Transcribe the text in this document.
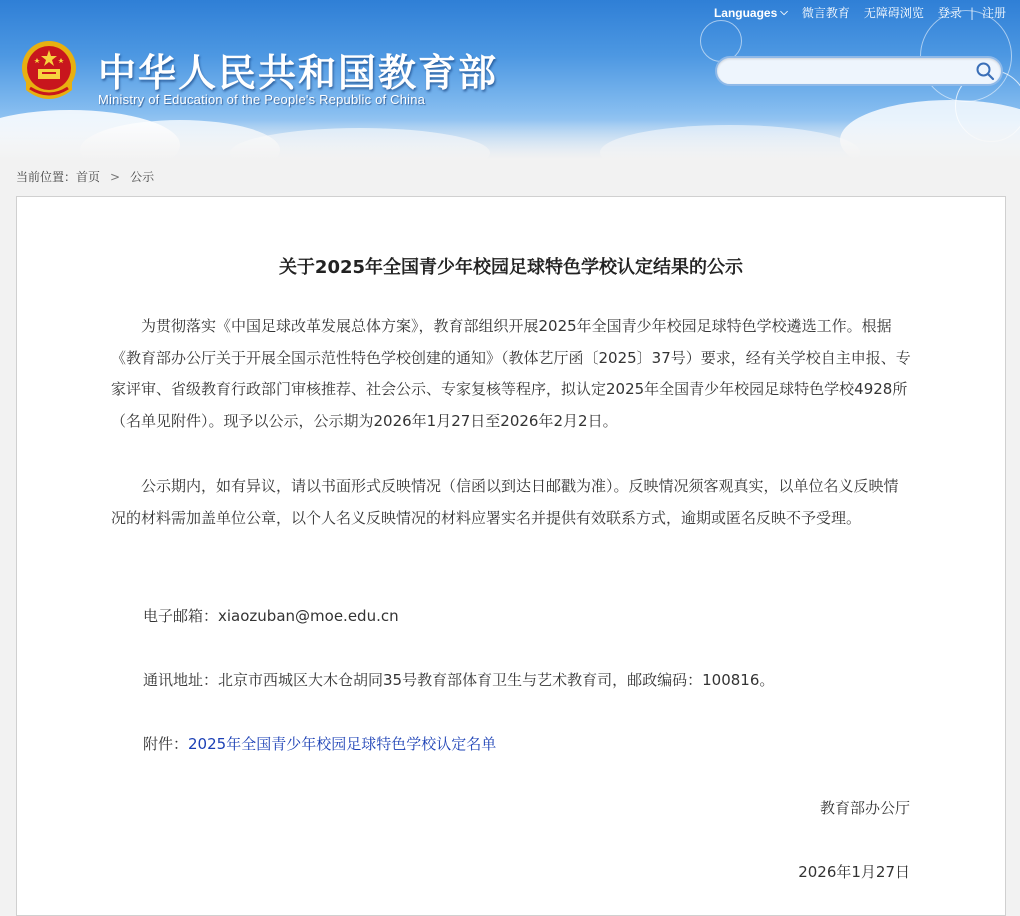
中华人民共和国教育部
Ministry of Education of the People's Republic of China
Languages ⌵ 微言教育 无障碍浏览 登录 | 注册
当前位置： 首页 > 公示
关于2025年全国青少年校园足球特色学校认定结果的公示

为贯彻落实《中国足球改革发展总体方案》，教育部组织开展2025年全国青少年校园足球特色学校遴选工作。根据《教育部办公厅关于开展全国示范性特色学校创建的通知》（教体艺厅函〔2025〕37号）要求，经有关学校自主申报、专家评审、省级教育行政部门审核推荐、社会公示、专家复核等程序，拟认定2025年全国青少年校园足球特色学校4928所（名单见附件）。现予以公示，公示期为2026年1月27日至2026年2月2日。

公示期内，如有异议，请以书面形式反映情况（信函以到达日邮戳为准）。反映情况须客观真实，以单位名义反映情况的材料需加盖单位公章，以个人名义反映情况的材料应署实名并提供有效联系方式，逾期或匿名反映不予受理。

电子邮箱：xiaozuban@moe.edu.cn
通讯地址：北京市西城区大木仓胡同35号教育部体育卫生与艺术教育司，邮政编码：100816。
附件：2025年全国青少年校园足球特色学校认定名单
教育部办公厅
2026年1月27日
